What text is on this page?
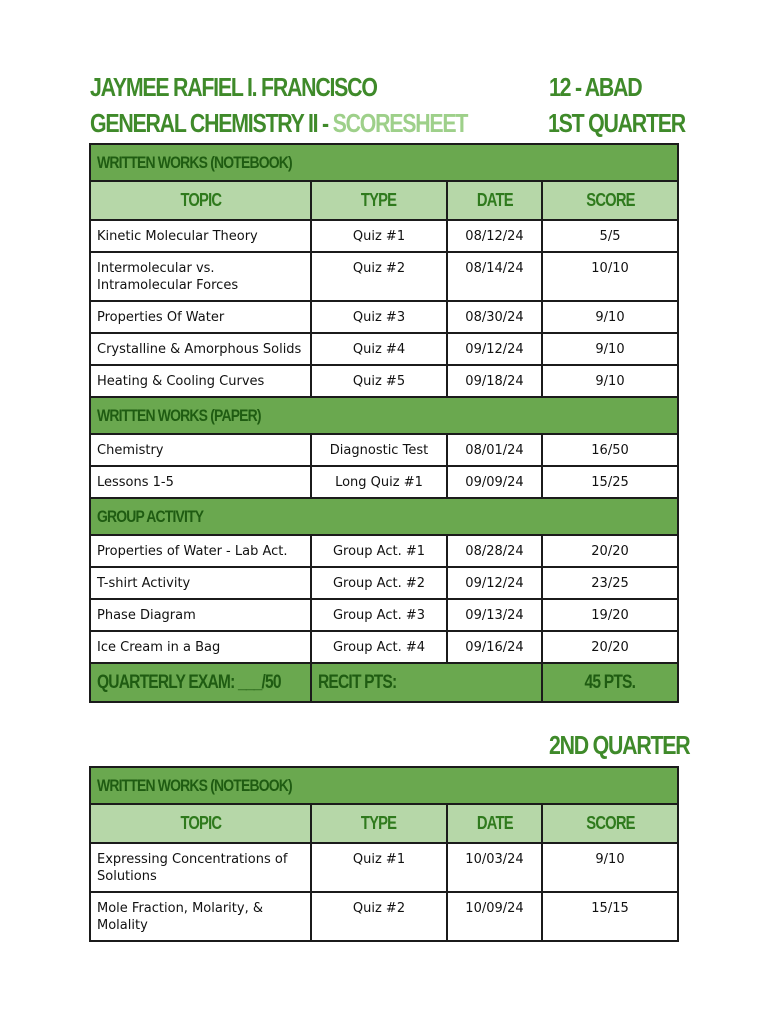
JAYMEE RAFIEL I. FRANCISCO	12 - ABAD
GENERAL CHEMISTRY II - SCORESHEET	1ST QUARTER
WRITTEN WORKS (NOTEBOOK)			
TOPIC	TYPE	DATE	SCORE
Kinetic Molecular Theory	Quiz #1	08/12/24	5/5
Intermolecular vs. Intramolecular Forces	Quiz #2	08/14/24	10/10
Properties Of Water	Quiz #3	08/30/24	9/10
Crystalline & Amorphous Solids	Quiz #4	09/12/24	9/10
Heating & Cooling Curves	Quiz #5	09/18/24	9/10
WRITTEN WORKS (PAPER)			
Chemistry	Diagnostic Test	08/01/24	16/50
Lessons 1-5	Long Quiz #1	09/09/24	15/25
GROUP ACTIVITY			
Properties of Water - Lab Act.	Group Act. #1	08/28/24	20/20
T-shirt Activity	Group Act. #2	09/12/24	23/25
Phase Diagram	Group Act. #3	09/13/24	19/20
Ice Cream in a Bag	Group Act. #4	09/16/24	20/20
QUARTERLY EXAM: ___/50	RECIT PTS:		45 PTS.
2ND QUARTER
WRITTEN WORKS (NOTEBOOK)			
TOPIC	TYPE	DATE	SCORE
Expressing Concentrations of Solutions	Quiz #1	10/03/24	9/10
Mole Fraction, Molarity, & Molality	Quiz #2	10/09/24	15/15
